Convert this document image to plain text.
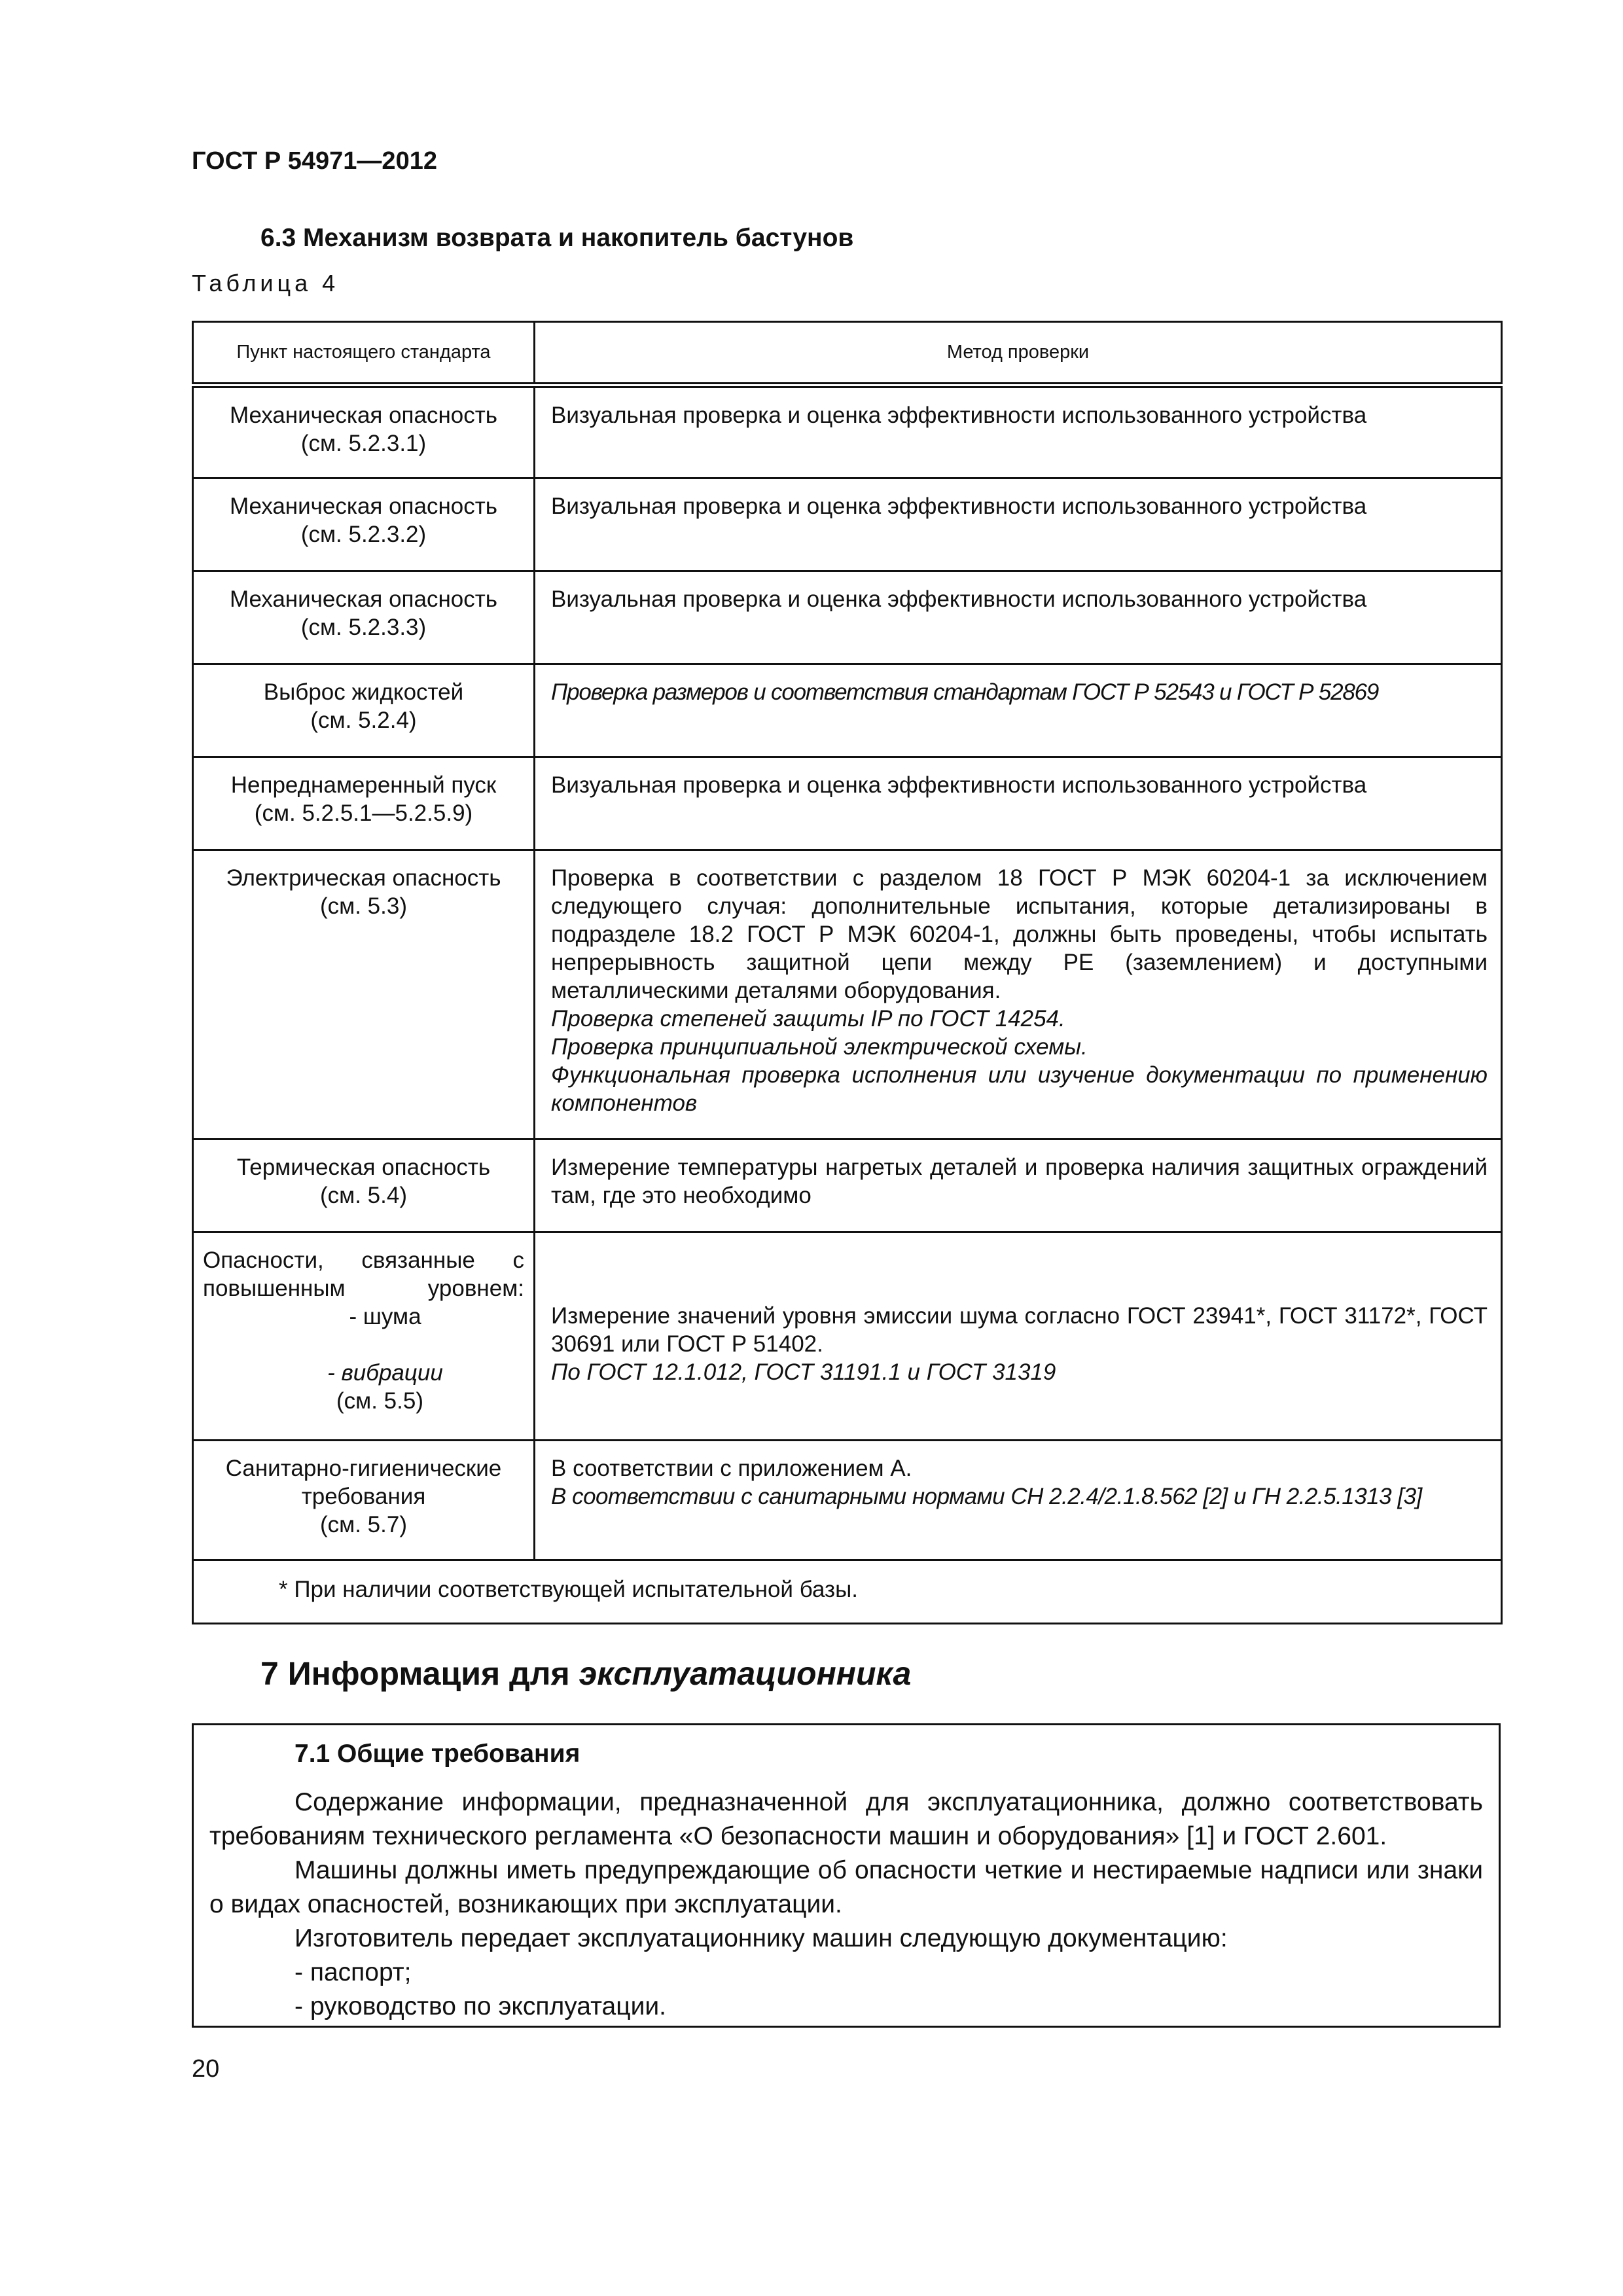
ГОСТ Р 54971—2012
6.3 Механизм возврата и накопитель бастунов
Таблица 4
Пункт настоящего стандарта	Метод проверки

Механическая опасность
(см. 5.2.3.1)	Визуальная проверка и оценка эффективности использованного устройства

Механическая опасность
(см. 5.2.3.2)	Визуальная проверка и оценка эффективности использованного устройства

Механическая опасность
(см. 5.2.3.3)	Визуальная проверка и оценка эффективности использованного устройства

Выброс жидкостей
(см. 5.2.4)	Проверка размеров и соответствия стандартам ГОСТ Р 52543 и ГОСТ Р 52869

Непреднамеренный пуск
(см. 5.2.5.1—5.2.5.9)	Визуальная проверка и оценка эффективности использованного устройства

Электрическая опасность
(см. 5.3)	Проверка в соответствии с разделом 18 ГОСТ Р МЭК 60204-1 за исключением следующего случая: дополнительные испытания, которые детализированы в подразделе 18.2 ГОСТ Р МЭК 60204-1, должны быть проведены, чтобы испытать непрерывность защитной цепи между РЕ (заземлением) и доступными металлическими деталями оборудования.
Проверка степеней защиты IP по ГОСТ 14254.
Проверка принципиальной электрической схемы.
Функциональная проверка исполнения или изучение документации по применению компонентов

Термическая опасность
(см. 5.4)	Измерение температуры нагретых деталей и проверка наличия защитных ограждений там, где это необходимо

Опасности, связанные с повышенным уровнем:
- шума
- вибрации
(см. 5.5)	Измерение значений уровня эмиссии шума согласно ГОСТ 23941*, ГОСТ 31172*, ГОСТ 30691 или ГОСТ Р 51402.
По ГОСТ 12.1.012, ГОСТ 31191.1 и ГОСТ 31319

Санитарно-гигиенические
требования
(см. 5.7)	В соответствии с приложением А.
В соответствии с санитарными нормами СН 2.2.4/2.1.8.562 [2] и ГН 2.2.5.1313 [3]

* При наличии соответствующей испытательной базы.	
7 Информация для эксплуатационника
7.1 Общие требования

Содержание информации, предназначенной для эксплуатационника, должно соответствовать требованиям технического регламента «О безопасности машин и оборудования» [1] и ГОСТ 2.601.

Машины должны иметь предупреждающие об опасности четкие и нестираемые надписи или знаки о видах опасностей, возникающих при эксплуатации.

Изготовитель передает эксплуатационнику машин следующую документацию:

- паспорт;
- руководство по эксплуатации.
20
